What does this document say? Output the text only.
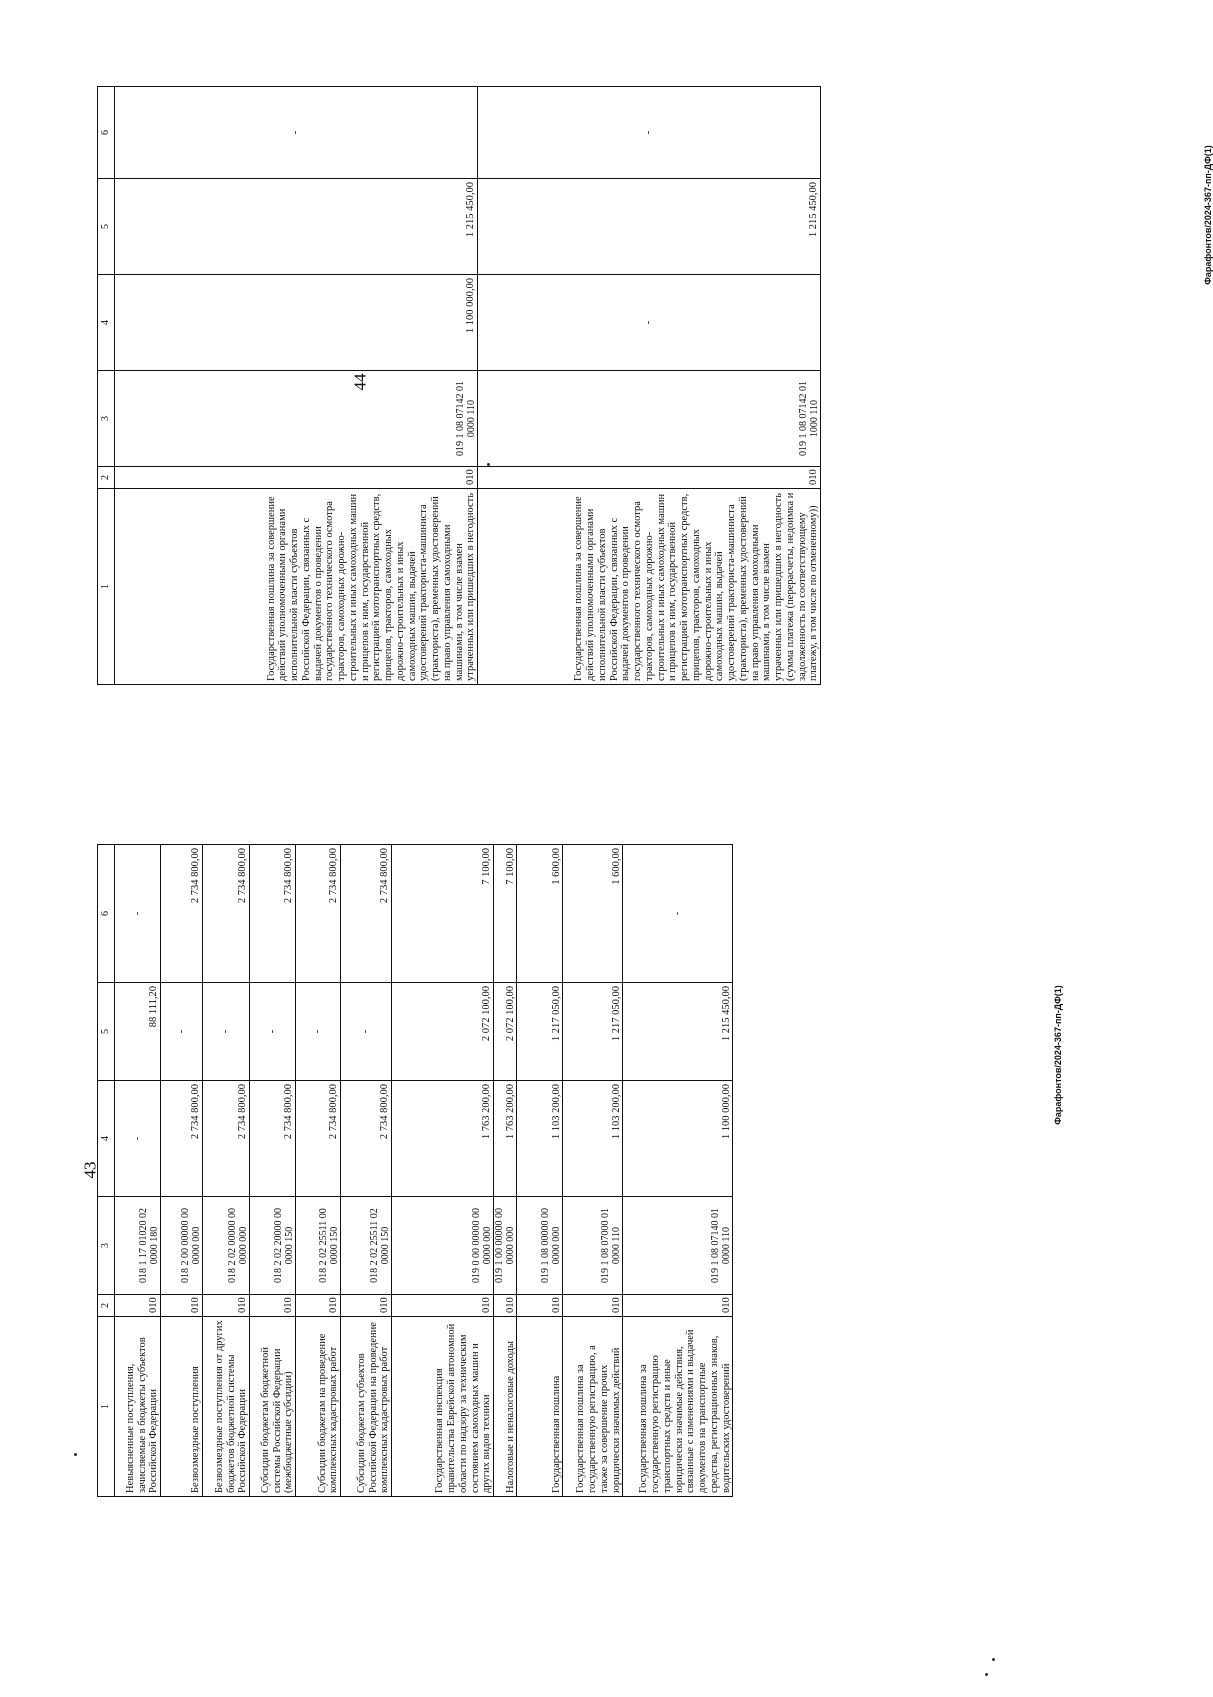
1	2	3	4	5	6
Государственная пошлина за совершение действий уполномоченными органами исполнительной власти субъектов Российской Федерации, связанных с выдачей документов о проведении государственного технического осмотра тракторов, самоходных дорожно-строительных и иных самоходных машин и прицепов к ним, государственной регистрацией мототранспортных средств, прицепов, тракторов, самоходных дорожно-строительных и иных самоходных машин, выдачей удостоверений тракториста-машиниста (тракториста), временных удостоверений на право управления самоходными машинами, в том числе взамен утраченных или пришедших в негодность	010	019 1 08 07142 01 0000 110	1 100 000,00	1 215 450,00	-
Государственная пошлина за совершение действий уполномоченными органами исполнительной власти субъектов Российской Федерации, связанных с выдачей документов о проведении государственного технического осмотра тракторов, самоходных дорожно-строительных и иных самоходных машин и прицепов к ним, государственной регистрацией мототранспортных средств, прицепов, тракторов, самоходных дорожно-строительных и иных самоходных машин, выдачей удостоверений тракториста-машиниста (тракториста), временных удостоверений на право управления самоходными машинами, в том числе взамен утраченных или пришедших в негодность (сумма платежа (перерасчеты, недоимка и задолженность по соответствующему платежу, в том числе по отмененному))	010	019 1 08 07142 01 1000 110	-	1 215 450,00	-
44
1	2	3	4	5	6
Невыясненные поступления, зачисляемые в бюджеты субъектов Российской Федерации	010	018 1 17 01020 02 0000 180	-	88 111,20	-
Безвозмездные поступления	010	018 2 00 00000 00 0000 000	2 734 800,00	-	2 734 800,00
Безвозмездные поступления от других бюджетов бюджетной системы Российской Федерации	010	018 2 02 00000 00 0000 000	2 734 800,00	-	2 734 800,00
Субсидии бюджетам бюджетной системы Российской Федерации (межбюджетные субсидии)	010	018 2 02 20000 00 0000 150	2 734 800,00	-	2 734 800,00
Субсидии бюджетам на проведение комплексных кадастровых работ	010	018 2 02 25511 00 0000 150	2 734 800,00	-	2 734 800,00
Субсидии бюджетам субъектов Российской Федерации на проведение комплексных кадастровых работ	010	018 2 02 25511 02 0000 150	2 734 800,00	-	2 734 800,00
Государственная инспекция правительства Еврейской автономной области по надзору за техническим состоянием самоходных машин и других видов техники	010	019 0 00 00000 00 0000 000	1 763 200,00	2 072 100,00	7 100,00
Налоговые и неналоговые доходы	010	019 1 00 00000 00 0000 000	1 763 200,00	2 072 100,00	7 100,00
Государственная пошлина	010	019 1 08 00000 00 0000 000	1 103 200,00	1 217 050,00	1 600,00
Государственная пошлина за государственную регистрацию, а также за совершение прочих юридически значимых действий	010	019 1 08 07000 01 0000 110	1 103 200,00	1 217 050,00	1 600,00
Государственная пошлина за государственную регистрацию транспортных средств и иные юридически значимые действия, связанные с изменениями и выдачей документов на транспортные средства, регистрационных знаков, водительских удостоверений	010	019 1 08 07140 01 0000 110	1 100 000,00	1 215 450,00	-
43
Фарафонтов/2024-367-пп-ДФ(1)
Фарафонтов/2024-367-пп-ДФ(1)
